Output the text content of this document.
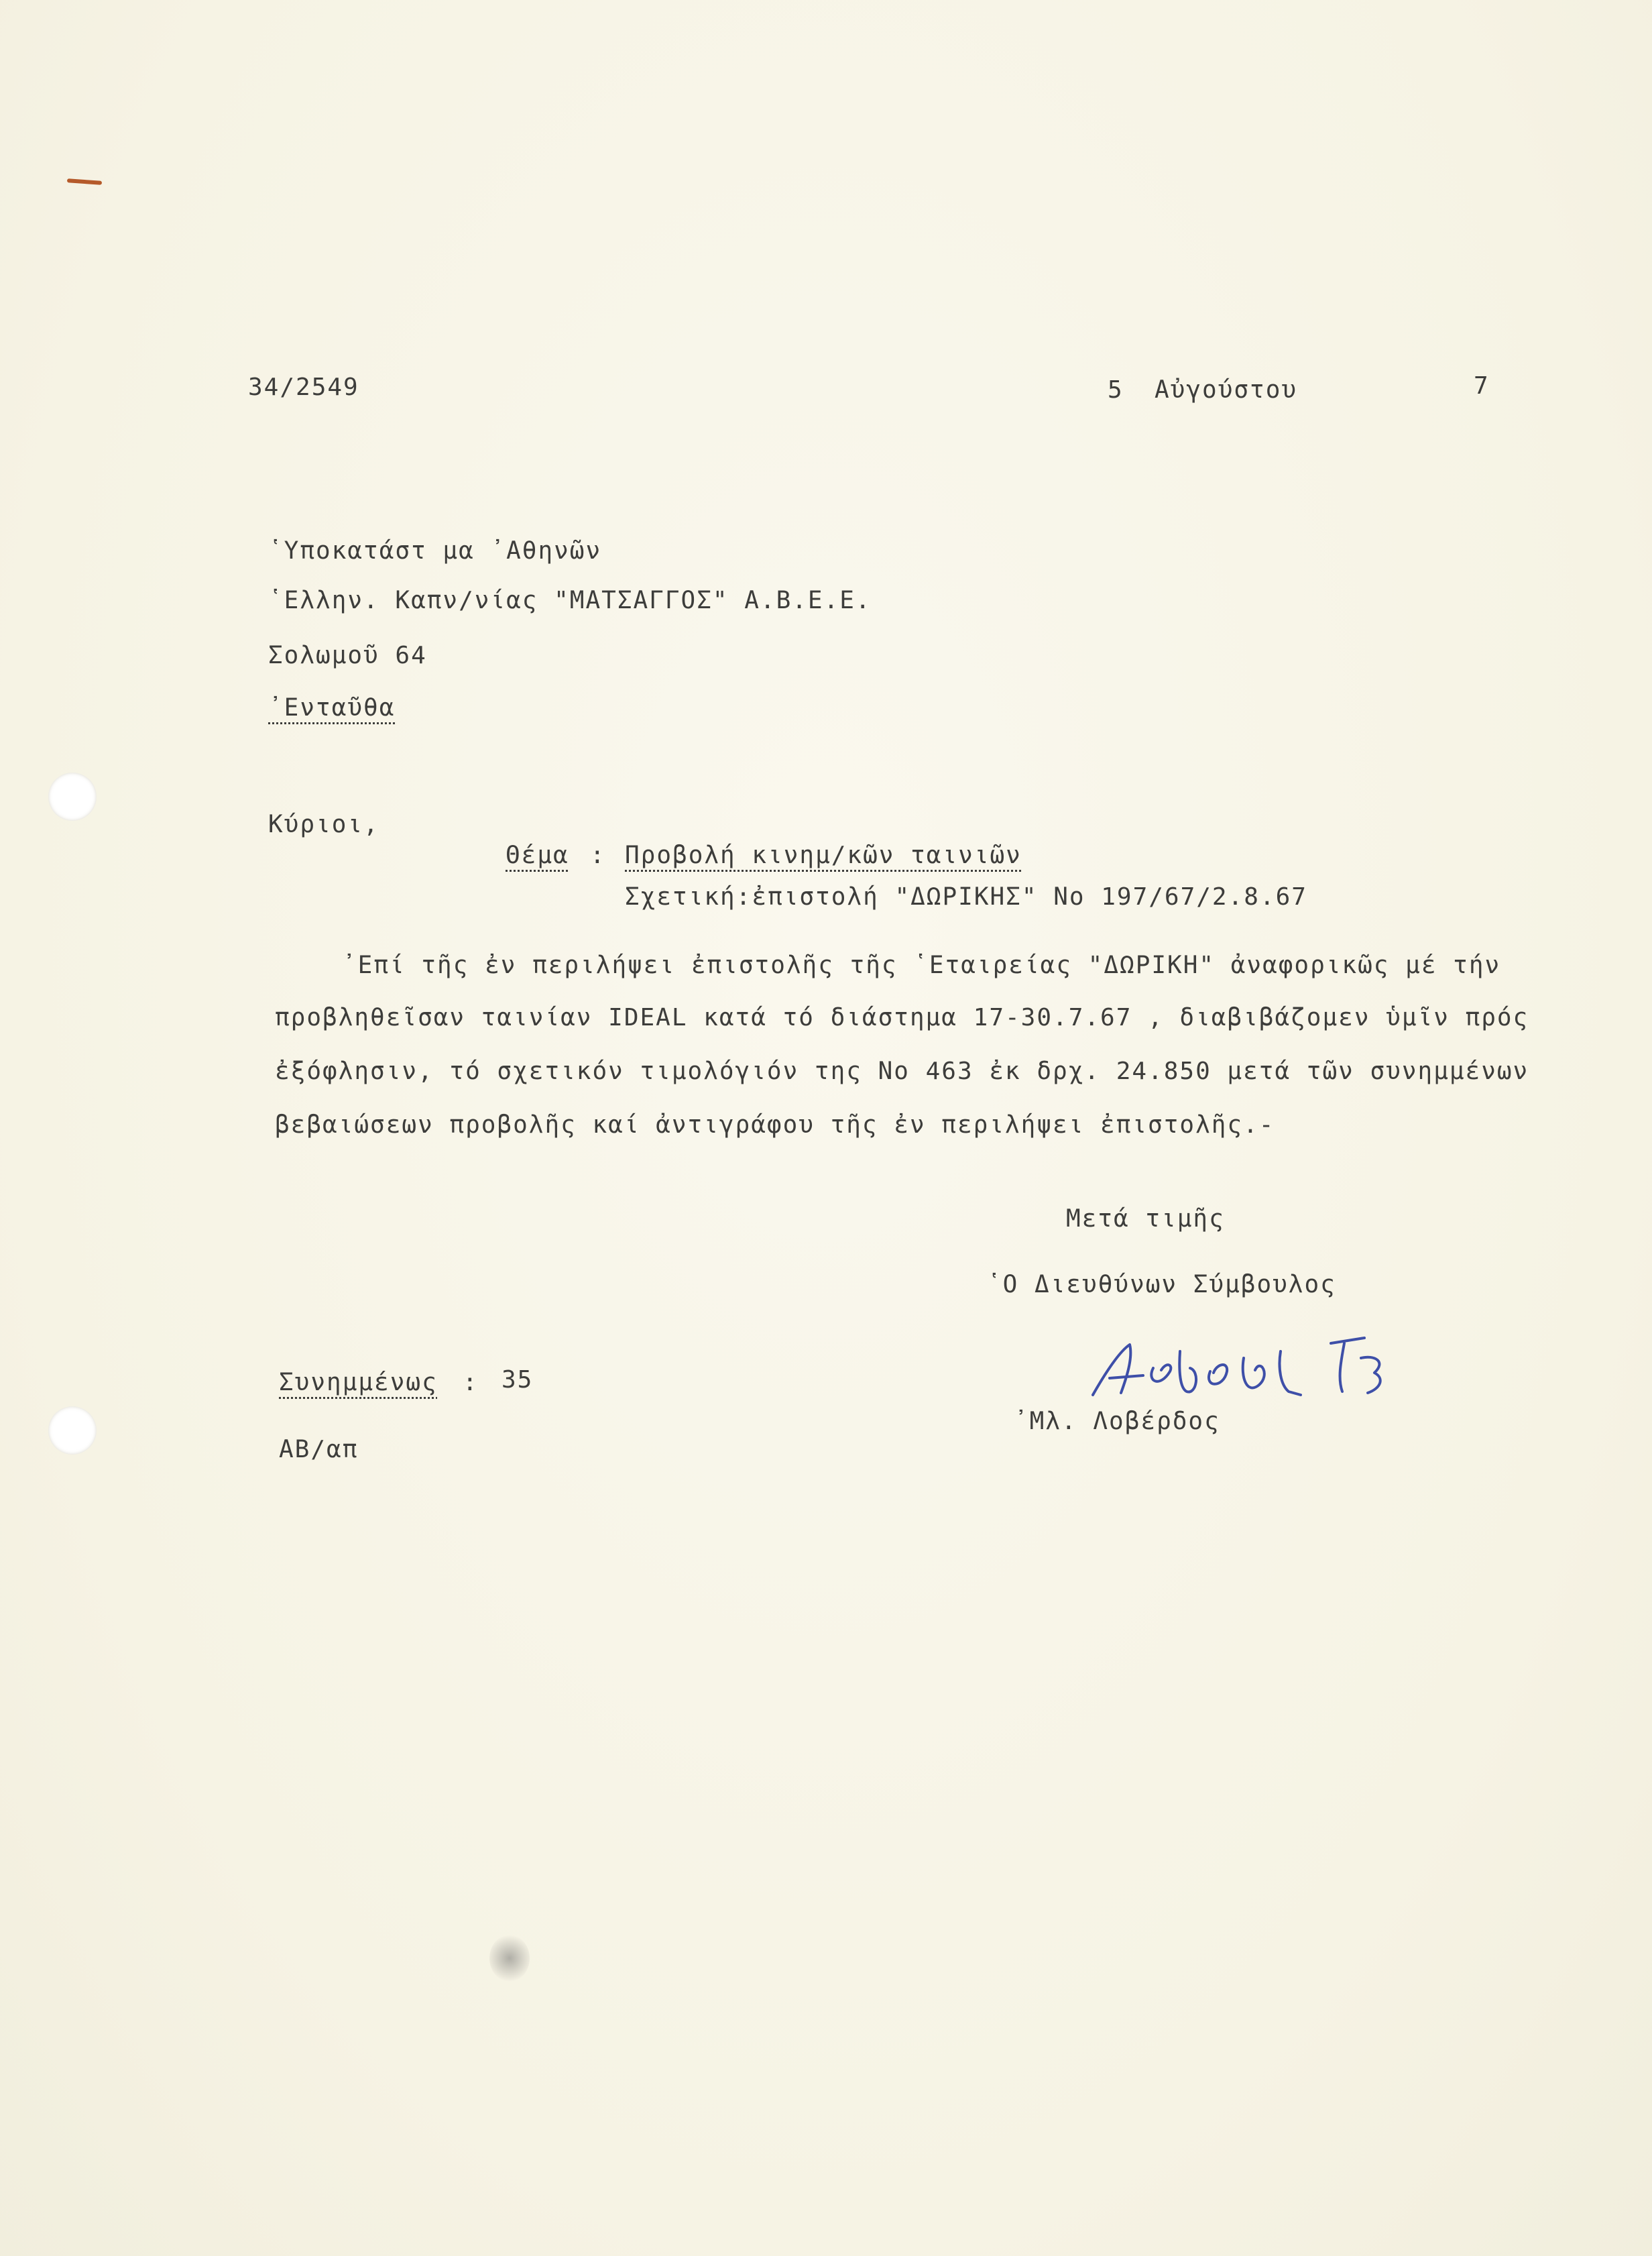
34/2549	5 Αὐγούστου	7
῾Υποκατάστ μα ᾿Αθηνῶν
῾Ελλην. Καπν/νίας "ΜΑΤΣΑΓΓΟΣ" Α.Β.Ε.Ε.
Σολωμοῦ 64
᾿Ενταῦθα
Κύριοι,
Θέμα : Προβολή κινημ/κῶν ταινιῶν
Σχετική:ἐπιστολή "ΔΩΡΙΚΗΣ" Νο 197/67/2.8.67
᾿Επί τῆς ἐν περιλήψει ἐπιστολῆς τῆς ῾Εταιρείας "ΔΩΡΙΚΗ" ἀναφορικῶς μέ τήν
προβληθεῖσαν ταινίαν IDEAL κατά τό διάστημα 17-30.7.67 , διαβιβάζομεν ὑμῖν πρός
ἐξόφλησιν, τό σχετικόν τιμολόγιόν της Νο 463 ἐκ δρχ. 24.850 μετά τῶν συνημμένων
βεβαιώσεων προβολῆς καί ἀντιγράφου τῆς ἐν περιλήψει ἐπιστολῆς.-
Μετά τιμῆς
῾Ο Διευθύνων Σύμβουλος
᾿Μλ. Λοβέρδος
Συνημμένως : 35
ΑΒ/απ
